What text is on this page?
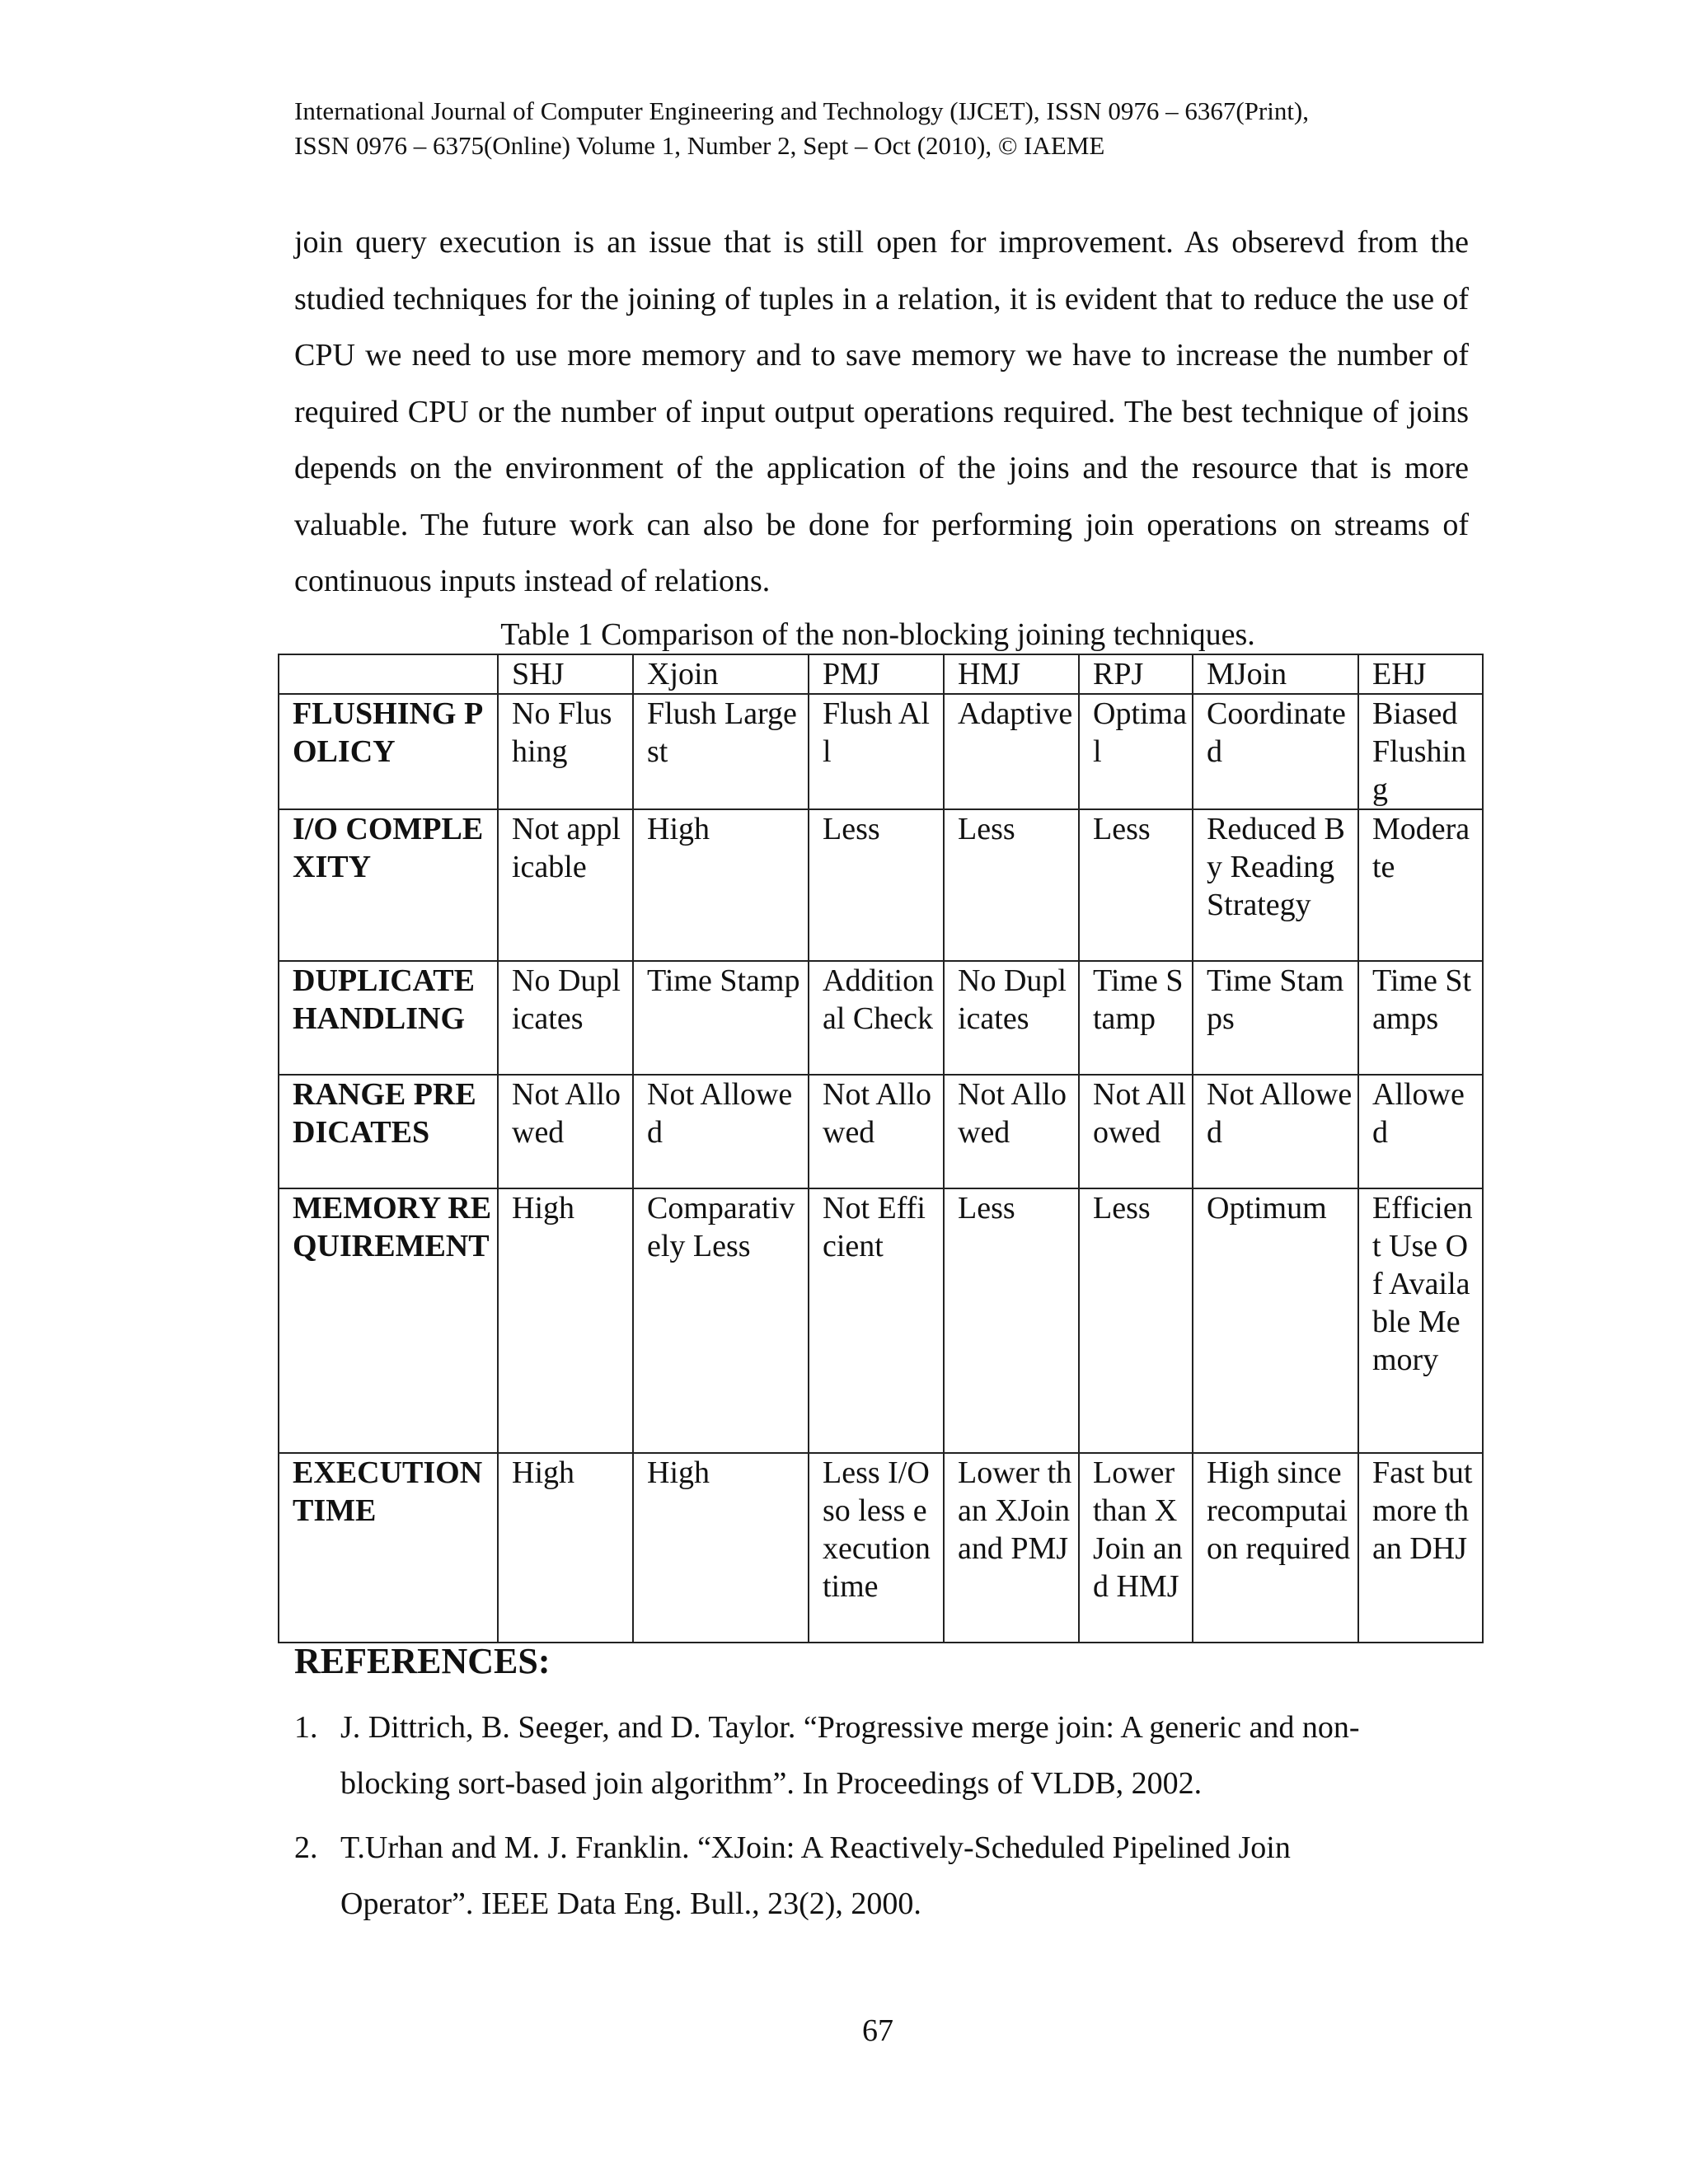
International Journal of Computer Engineering and Technology (IJCET), ISSN 0976 – 6367(Print),
ISSN 0976 – 6375(Online) Volume 1, Number 2, Sept – Oct (2010), © IAEME
join query execution is an issue that is still open for improvement. As obserevd from the studied techniques for the joining of tuples in a relation, it is evident that to reduce the use of CPU we need to use more memory and to save memory we have to increase the number of required CPU or the number of input output operations required. The best technique of joins depends on the environment of the application of the joins and the resource that is more valuable. The future work can also be done for performing join operations on streams of continuous inputs instead of relations.
Table 1 Comparison of the non-blocking joining techniques.
	SHJ	Xjoin	PMJ	HMJ	RPJ	MJoin	EHJ
FLUSHING POLICY	No Flushing	Flush Largest	Flush All	Adaptive	Optimal	Coordinated	Biased Flushing
I/O COMPLEXITY	Not applicable	High	Less	Less	Less	Reduced By Reading Strategy	Moderate
DUPLICATE HANDLING	No Duplicates	Time Stamp	Additional Check	No Duplicates	Time Stamp	Time Stamps	Time Stamps
RANGE PREDICATES	Not Allowed	Not Allowed	Not Allowed	Not Allowed	Not Allowed	Not Allowed	Allowed
MEMORY REQUIREMENT	High	Comparatively Less	Not Efficient	Less	Less	Optimum	Efficient Use Of Available Memory
EXECUTION TIME	High	High	Less I/O so less execution time	Lower than XJoin and PMJ	Lower than XJoin and HMJ	High since recomputaion required	Fast but more than DHJ
REFERENCES:
1. J. Dittrich, B. Seeger, and D. Taylor. “Progressive merge join: A generic and non-
blocking sort-based join algorithm”. In Proceedings of VLDB, 2002.
2. T.Urhan and M. J. Franklin. “XJoin: A Reactively-Scheduled Pipelined Join
Operator”. IEEE Data Eng. Bull., 23(2), 2000.
67
